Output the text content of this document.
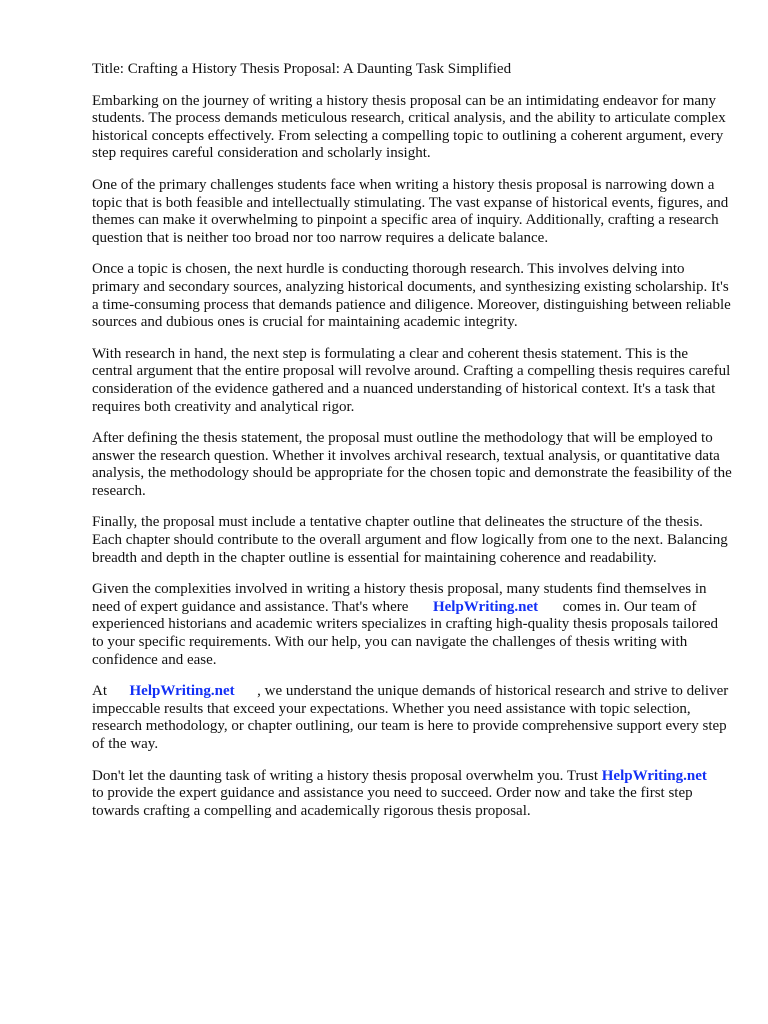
Title: Crafting a History Thesis Proposal: A Daunting Task Simplified

Embarking on the journey of writing a history thesis proposal can be an intimidating endeavor for many students. The process demands meticulous research, critical analysis, and the ability to articulate complex historical concepts effectively. From selecting a compelling topic to outlining a coherent argument, every step requires careful consideration and scholarly insight.

One of the primary challenges students face when writing a history thesis proposal is narrowing down a topic that is both feasible and intellectually stimulating. The vast expanse of historical events, figures, and themes can make it overwhelming to pinpoint a specific area of inquiry. Additionally, crafting a research question that is neither too broad nor too narrow requires a delicate balance.

Once a topic is chosen, the next hurdle is conducting thorough research. This involves delving into primary and secondary sources, analyzing historical documents, and synthesizing existing scholarship. It's a time-consuming process that demands patience and diligence. Moreover, distinguishing between reliable sources and dubious ones is crucial for maintaining academic integrity.

With research in hand, the next step is formulating a clear and coherent thesis statement. This is the central argument that the entire proposal will revolve around. Crafting a compelling thesis requires careful consideration of the evidence gathered and a nuanced understanding of historical context. It's a task that requires both creativity and analytical rigor.

After defining the thesis statement, the proposal must outline the methodology that will be employed to answer the research question. Whether it involves archival research, textual analysis, or quantitative data analysis, the methodology should be appropriate for the chosen topic and demonstrate the feasibility of the research.

Finally, the proposal must include a tentative chapter outline that delineates the structure of the thesis. Each chapter should contribute to the overall argument and flow logically from one to the next. Balancing breadth and depth in the chapter outline is essential for maintaining coherence and readability.

Given the complexities involved in writing a history thesis proposal, many students find themselves in need of expert guidance and assistance. That's where HelpWriting.net comes in. Our team of experienced historians and academic writers specializes in crafting high-quality thesis proposals tailored to your specific requirements. With our help, you can navigate the challenges of thesis writing with confidence and ease.

At HelpWriting.net , we understand the unique demands of historical research and strive to deliver impeccable results that exceed your expectations. Whether you need assistance with topic selection, research methodology, or chapter outlining, our team is here to provide comprehensive support every step of the way.

Don't let the daunting task of writing a history thesis proposal overwhelm you. Trust HelpWriting.net  to provide the expert guidance and assistance you need to succeed. Order now and take the first step towards crafting a compelling and academically rigorous thesis proposal.
